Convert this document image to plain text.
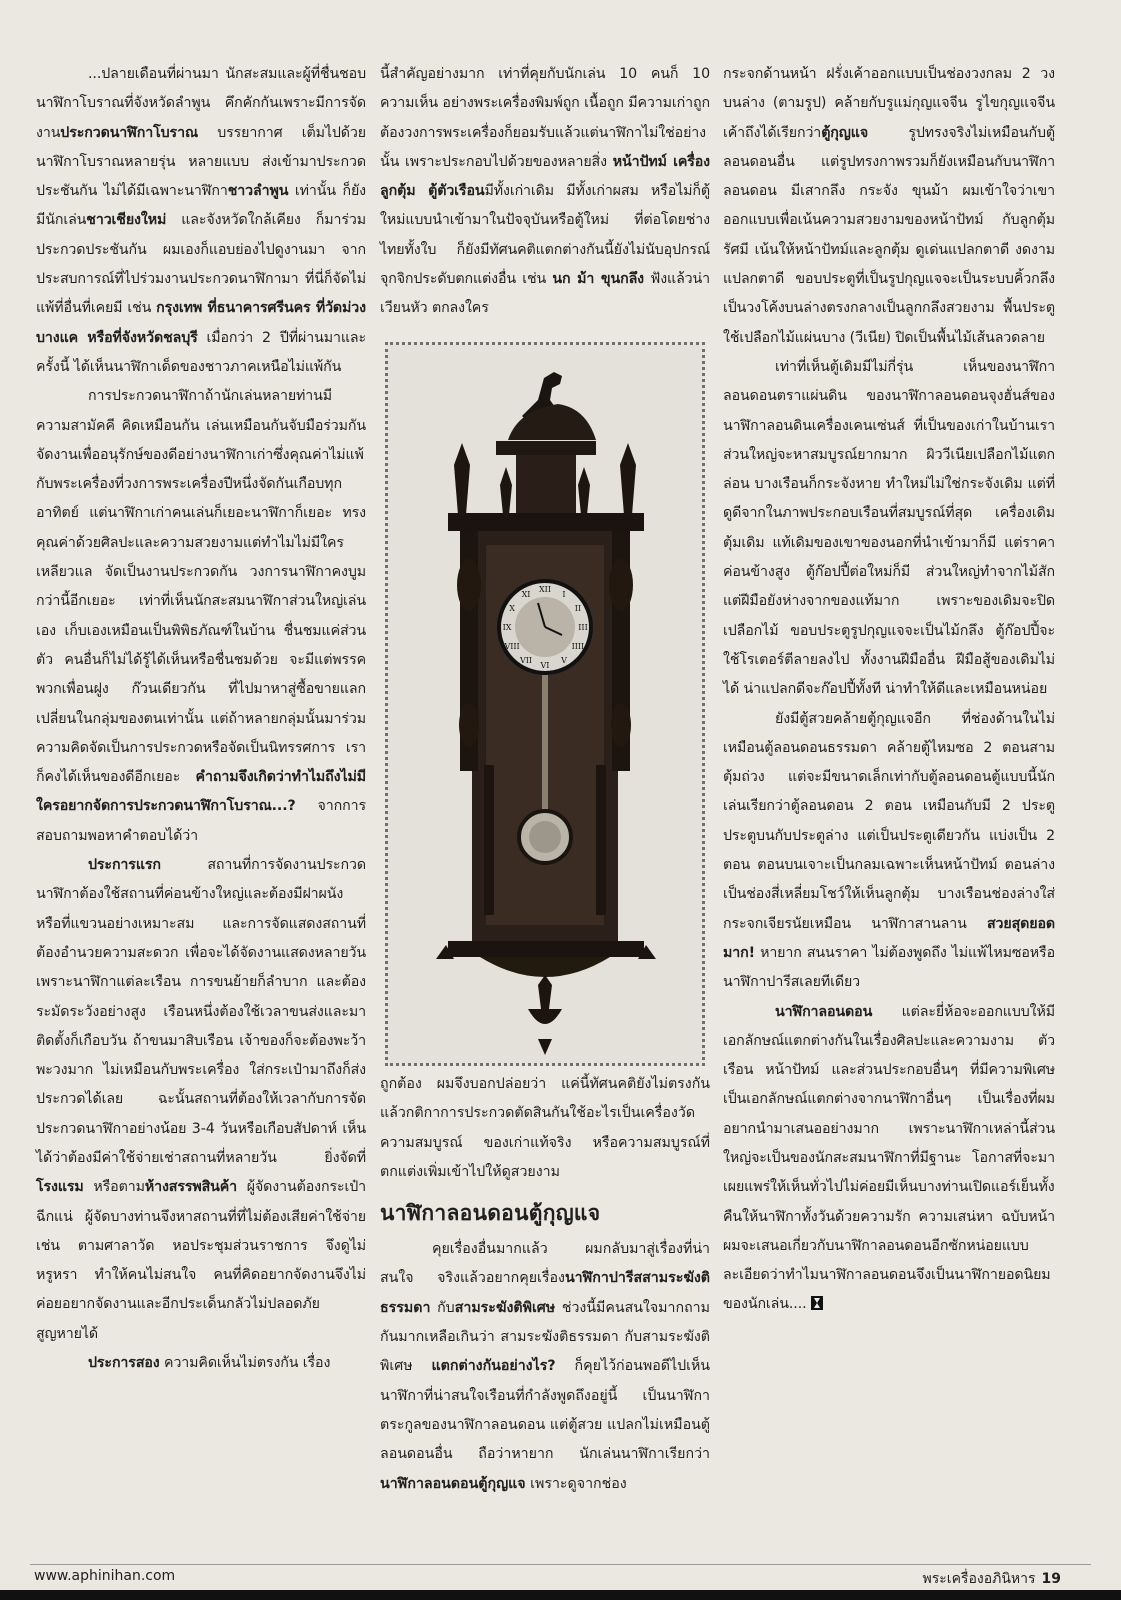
...ปลายเดือนที่ผ่านมา นักสะสมและผู้ที่ชื่นชอบนาฬิกาโบราณที่จังหวัดลำพูน คึกคักกันเพราะมีการจัดงานประกวดนาฬิกาโบราณ บรรยากาศ เต็มไปด้วยนาฬิกาโบราณหลายรุ่น หลายแบบ ส่งเข้ามาประกวดประชันกัน ไม่ได้มีเฉพาะนาฬิกาชาวลำพูน เท่านั้น ก็ยังมีนักเล่นชาวเชียงใหม่ และจังหวัดใกล้เคียง ก็มาร่วมประกวดประชันกัน ผมเองก็แอบย่องไปดูงานมา จากประสบการณ์ที่ไปร่วมงานประกวดนาฬิกามา ที่นี่ก็จัดไม่แพ้ที่อื่นที่เคยมี เช่น กรุงเทพ ที่ธนาคารศรีนคร ที่วัดม่วงบางแค หรือที่จังหวัดชลบุรี เมื่อกว่า 2 ปีที่ผ่านมาและครั้งนี้ ได้เห็นนาฬิกาเด็ดของชาวภาคเหนือไม่แพ้กัน

การประกวดนาฬิกาถ้านักเล่นหลายท่านมีความสามัคคี คิดเหมือนกัน เล่นเหมือนกันจับมือร่วมกันจัดงานเพื่ออนุรักษ์ของดีอย่างนาฬิกาเก่าซึ่งคุณค่าไม่แพ้กับพระเครื่องที่วงการพระเครื่องปีหนึ่งจัดกันเกือบทุกอาทิตย์ แต่นาฬิกาเก่าคนเล่นก็เยอะนาฬิกาก็เยอะ ทรงคุณค่าด้วยศิลปะและความสวยงามแต่ทำไมไม่มีใครเหลียวแล จัดเป็นงานประกวดกัน วงการนาฬิกาคงบูมกว่านี้อีกเยอะ เท่าที่เห็นนักสะสมนาฬิกาส่วนใหญ่เล่นเอง เก็บเองเหมือนเป็นพิพิธภัณฑ์ในบ้าน ชื่นชมแค่ส่วนตัว คนอื่นก็ไม่ได้รู้ได้เห็นหรือชื่นชมด้วย จะมีแต่พรรคพวกเพื่อนฝูง ก๊วนเดียวกัน ที่ไปมาหาสู่ซื้อขายแลกเปลี่ยนในกลุ่มของตนเท่านั้น แต่ถ้าหลายกลุ่มนั้นมาร่วมความคิดจัดเป็นการประกวดหรือจัดเป็นนิทรรศการ เราก็คงได้เห็นของดีอีกเยอะ คำถามจึงเกิดว่าทำไมถึงไม่มีใครอยากจัดการประกวดนาฬิกาโบราณ...? จากการสอบถามพอหาคำตอบได้ว่า

ประการแรก สถานที่การจัดงานประกวดนาฬิกาต้องใช้สถานที่ค่อนข้างใหญ่และต้องมีฝาผนังหรือที่แขวนอย่างเหมาะสม และการจัดแสดงสถานที่ต้องอำนวยความสะดวก เพื่อจะได้จัดงานแสดงหลายวัน เพราะนาฬิกาแต่ละเรือน การขนย้ายก็ลำบาก และต้องระมัดระวังอย่างสูง เรือนหนึ่งต้องใช้เวลาขนส่งและมาติดตั้งก็เกือบวัน ถ้าขนมาสิบเรือน เจ้าของก็จะต้องพะว้าพะวงมาก ไม่เหมือนกับพระเครื่อง ใส่กระเป๋ามาถึงก็ส่งประกวดได้เลย ฉะนั้นสถานที่ต้องให้เวลากับการจัดประกวดนาฬิกาอย่างน้อย 3-4 วันหรือเกือบสัปดาห์ เห็นได้ว่าต้องมีค่าใช้จ่ายเช่าสถานที่หลายวัน ยิ่งจัดที่โรงแรม หรือตามห้างสรรพสินค้า ผู้จัดงานต้องกระเป๋าฉีกแน่ ผู้จัดบางท่านจึงหาสถานที่ที่ไม่ต้องเสียค่าใช้จ่าย เช่น ตามศาลาวัด หอประชุมส่วนราชการ จึงดูไม่หรูหรา ทำให้คนไม่สนใจ คนที่คิดอยากจัดงานจึงไม่ค่อยอยากจัดงานและอีกประเด็นกลัวไม่ปลอดภัย สูญหายได้

ประการสอง ความคิดเห็นไม่ตรงกัน เรื่อง

นี้สำคัญอย่างมาก เท่าที่คุยกับนักเล่น 10 คนก็ 10 ความเห็น อย่างพระเครื่องพิมพ์ถูก เนื้อถูก มีความเก่าถูกต้องวงการพระเครื่องก็ยอมรับแล้วแต่นาฬิกาไม่ใช่อย่างนั้น เพราะประกอบไปด้วยของหลายสิ่ง หน้าปัทม์ เครื่อง ลูกตุ้ม ตู้ตัวเรือนมีทั้งเก่าเดิม มีทั้งเก่าผสม หรือไม่ก็ตู้ใหม่แบบนำเข้ามาในปัจจุบันหรือตู้ใหม่ ที่ต่อโดยช่างไทยทั้งใบ ก็ยังมีทัศนคติแตกต่างกันนี้ยังไม่นับอุปกรณ์จุกจิกประดับตกแต่งอื่น เช่น นก ม้า ขุนกลึง ฟังแล้วน่าเวียนหัว ตกลงใคร

XII
I
II
III
IIII
V
VI
VII
VIII
IX
X
XI

ถูกต้อง ผมจึงบอกปล่อยว่า แค่นี้ทัศนคติยังไม่ตรงกัน แล้วกติกาการประกวดตัดสินกันใช้อะไรเป็นเครื่องวัดความสมบูรณ์ ของเก่าแท้จริง หรือความสมบูรณ์ที่ตกแต่งเพิ่มเข้าไปให้ดูสวยงาม

นาฬิกาลอนดอนตู้กุญแจ

คุยเรื่องอื่นมากแล้ว ผมกลับมาสู่เรื่องที่น่าสนใจ จริงแล้วอยากคุยเรื่องนาฬิกาปารีสสามระฆังติธรรมดา กับสามระฆังติพิเศษ ช่วงนี้มีคนสนใจมากถามกันมากเหลือเกินว่า สามระฆังติธรรมดา กับสามระฆังติพิเศษ แตกต่างกันอย่างไร? ก็คุยไว้ก่อนพอดีไปเห็นนาฬิกาที่น่าสนใจเรือนที่กำลังพูดถึงอยู่นี้ เป็นนาฬิกาตระกูลของนาฬิกาลอนดอน แต่ตู้สวย แปลกไม่เหมือนตู้ลอนดอนอื่น ถือว่าหายาก นักเล่นนาฬิกาเรียกว่า นาฬิกาลอนดอนตู้กุญแจ เพราะดูจากช่อง

กระจกด้านหน้า ฝรั่งเค้าออกแบบเป็นช่องวงกลม 2 วง บนล่าง (ตามรูป) คล้ายกับรูแม่กุญแจจีน รูไขกุญแจจีน เค้าถึงได้เรียกว่าตู้กุญแจ รูปทรงจริงไม่เหมือนกับตู้ลอนดอนอื่น แต่รูปทรงกาพรวมก็ยังเหมือนกับนาฬิกาลอนดอน มีเสากลึง กระจัง ขุนม้า ผมเข้าใจว่าเขาออกแบบเพื่อเน้นความสวยงามของหน้าปัทม์ กับลูกตุ้มรัศมี เน้นให้หน้าปัทม์และลูกตุ้ม ดูเด่นแปลกตาดี งดงามแปลกตาดี ขอบประตูที่เป็นรูปกุญแจจะเป็นระบบคิ้วกลึงเป็นวงโค้งบนล่างตรงกลางเป็นลูกกลึงสวยงาม พื้นประตูใช้เปลือกไม้แผ่นบาง (วีเนีย) ปิดเป็นพื้นไม้เส้นลวดลาย

เท่าที่เห็นตู้เดิมมีไม่กี่รุ่น เห็นของนาฬิกาลอนดอนตราแผ่นดิน ของนาฬิกาลอนดอนจุงฮั่นส์ของนาฬิกาลอนดินเครื่องเคนเซ่นส์ ที่เป็นของเก่าในบ้านเรา ส่วนใหญ่จะหาสมบูรณ์ยากมาก ผิววีเนียเปลือกไม้แตกล่อน บางเรือนก็กระจังหาย ทำใหม่ไม่ใช่กระจังเดิม แต่ที่ดูดีจากในภาพประกอบเรือนที่สมบูรณ์ที่สุด เครื่องเดิม ตุ้มเดิม แท้เดิมของเขาของนอกที่นำเข้ามาก็มี แต่ราคาค่อนข้างสูง ตู้ก๊อปปี้ต่อใหม่ก็มี ส่วนใหญ่ทำจากไม้สัก แต่ฝีมือยังห่างจากของแท้มาก เพราะของเดิมจะปิดเปลือกไม้ ขอบประตูรูปกุญแจจะเป็นไม้กลึง ตู้ก๊อปปี้จะใช้โรเตอร์ตีลายลงไป ทั้งงานฝีมืออื่น ฝีมือสู้ของเดิมไม่ได้ น่าแปลกดีจะก๊อปปี้ทั้งที น่าทำให้ดีและเหมือนหน่อย

ยังมีตู้สวยคล้ายตู้กุญแจอีก ที่ช่องด้านในไม่เหมือนตู้ลอนดอนธรรมดา คล้ายตู้ไหมซอ 2 ตอนสามตุ้มถ่วง แต่จะมีขนาดเล็กเท่ากับตู้ลอนดอนตู้แบบนี้นักเล่นเรียกว่าตู้ลอนดอน 2 ตอน เหมือนกับมี 2 ประตู ประตูบนกับประตูล่าง แต่เป็นประตูเดียวกัน แบ่งเป็น 2 ตอน ตอนบนเจาะเป็นกลมเฉพาะเห็นหน้าปัทม์ ตอนล่างเป็นช่องสี่เหลี่ยมโชว์ให้เห็นลูกตุ้ม บางเรือนช่องล่างใส่กระจกเจียรนัยเหมือน นาฬิกาสานลาน สวยสุดยอดมาก! หายาก สนนราคา ไม่ต้องพูดถึง ไม่แพ้ไหมซอหรือนาฬิกาปารีสเลยทีเดียว

นาฬิกาลอนดอน แต่ละยี่ห้อจะออกแบบให้มีเอกลักษณ์แตกต่างกันในเรื่องศิลปะและความงาม ตัวเรือน หน้าปัทม์ และส่วนประกอบอื่นๆ ที่มีความพิเศษเป็นเอกลักษณ์แตกต่างจากนาฬิกาอื่นๆ เป็นเรื่องที่ผมอยากนำมาเสนออย่างมาก เพราะนาฬิกาเหล่านี้ส่วนใหญ่จะเป็นของนักสะสมนาฬิกาที่มีฐานะ โอกาสที่จะมาเผยแพร่ให้เห็นทั่วไปไม่ค่อยมีเห็นบางท่านเปิดแอร์เย็นทั้งคืนให้นาฬิกาทั้งวันด้วยความรัก ความเสน่หา ฉบับหน้าผมจะเสนอเกี่ยวกับนาฬิกาลอนดอนอีกซักหน่อยแบบละเอียดว่าทำไมนาฬิกาลอนดอนจึงเป็นนาฬิกายอดนิยมของนักเล่น....

www.aphinihan.com	พระเครื่องอภินิหาร 19
